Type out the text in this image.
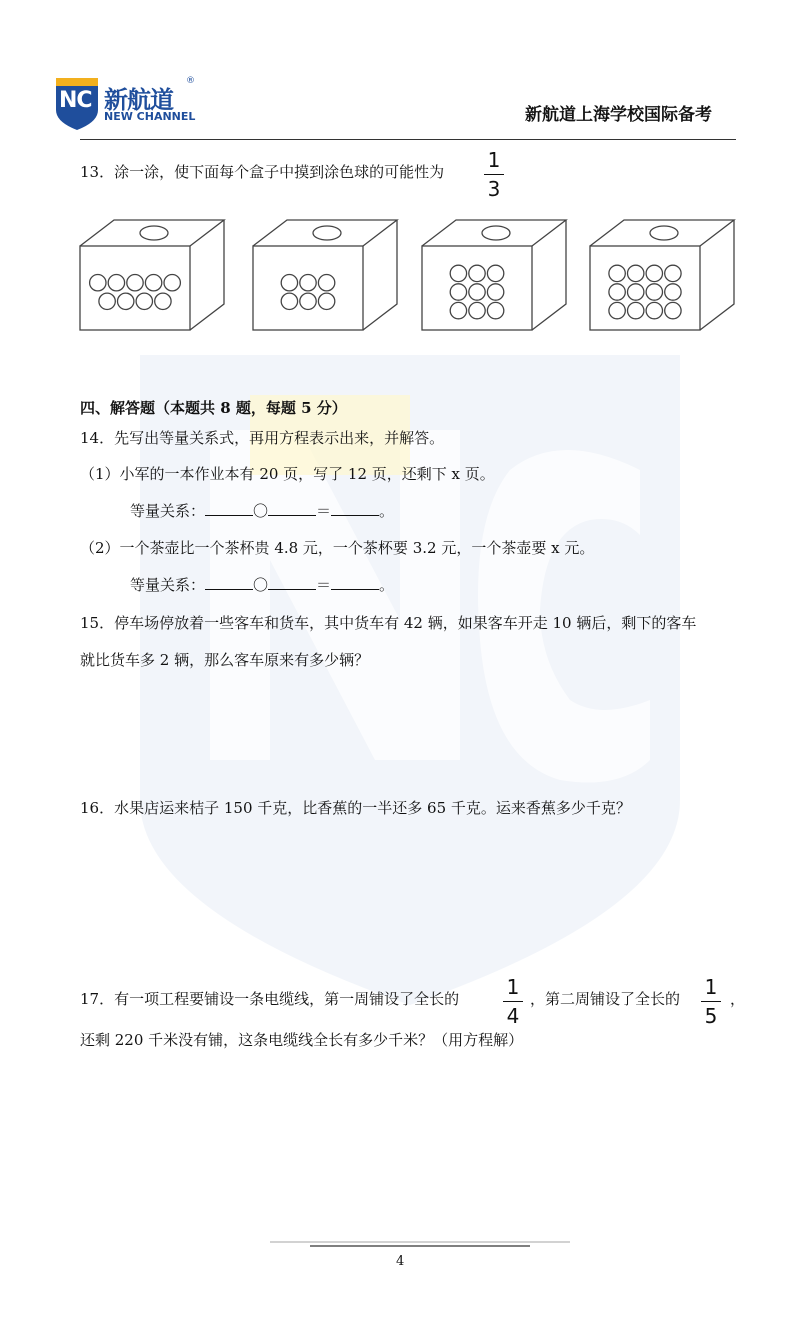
NC 新航道
®
NEW CHANNEL	新航道上海学校国际备考
13．涂一涂，使下面每个盒子中摸到涂色球的可能性为 1
3
四、解答题（本题共 8 题，每题 5 分）
14．先写出等量关系式，再用方程表示出来，并解答。
（1）小军的一本作业本有 20 页，写了 12 页，还剩下 x 页。
等量关系：	〇	＝	。
（2）一个茶壶比一个茶杯贵 4.8 元，一个茶杯要 3.2 元，一个茶壶要 x 元。
等量关系：	〇	＝	。
15．停车场停放着一些客车和货车，其中货车有 42 辆，如果客车开走 10 辆后，剩下的客车
就比货车多 2 辆，那么客车原来有多少辆？
16．水果店运来桔子 150 千克，比香蕉的一半还多 65 千克。运来香蕉多少千克？
17．有一项工程要铺设一条电缆线，第一周铺设了全长的 1
4
，第二周铺设了全长的 1
5
，
还剩 220 千米没有铺，这条电缆线全长有多少千米？（用方程解）
4
